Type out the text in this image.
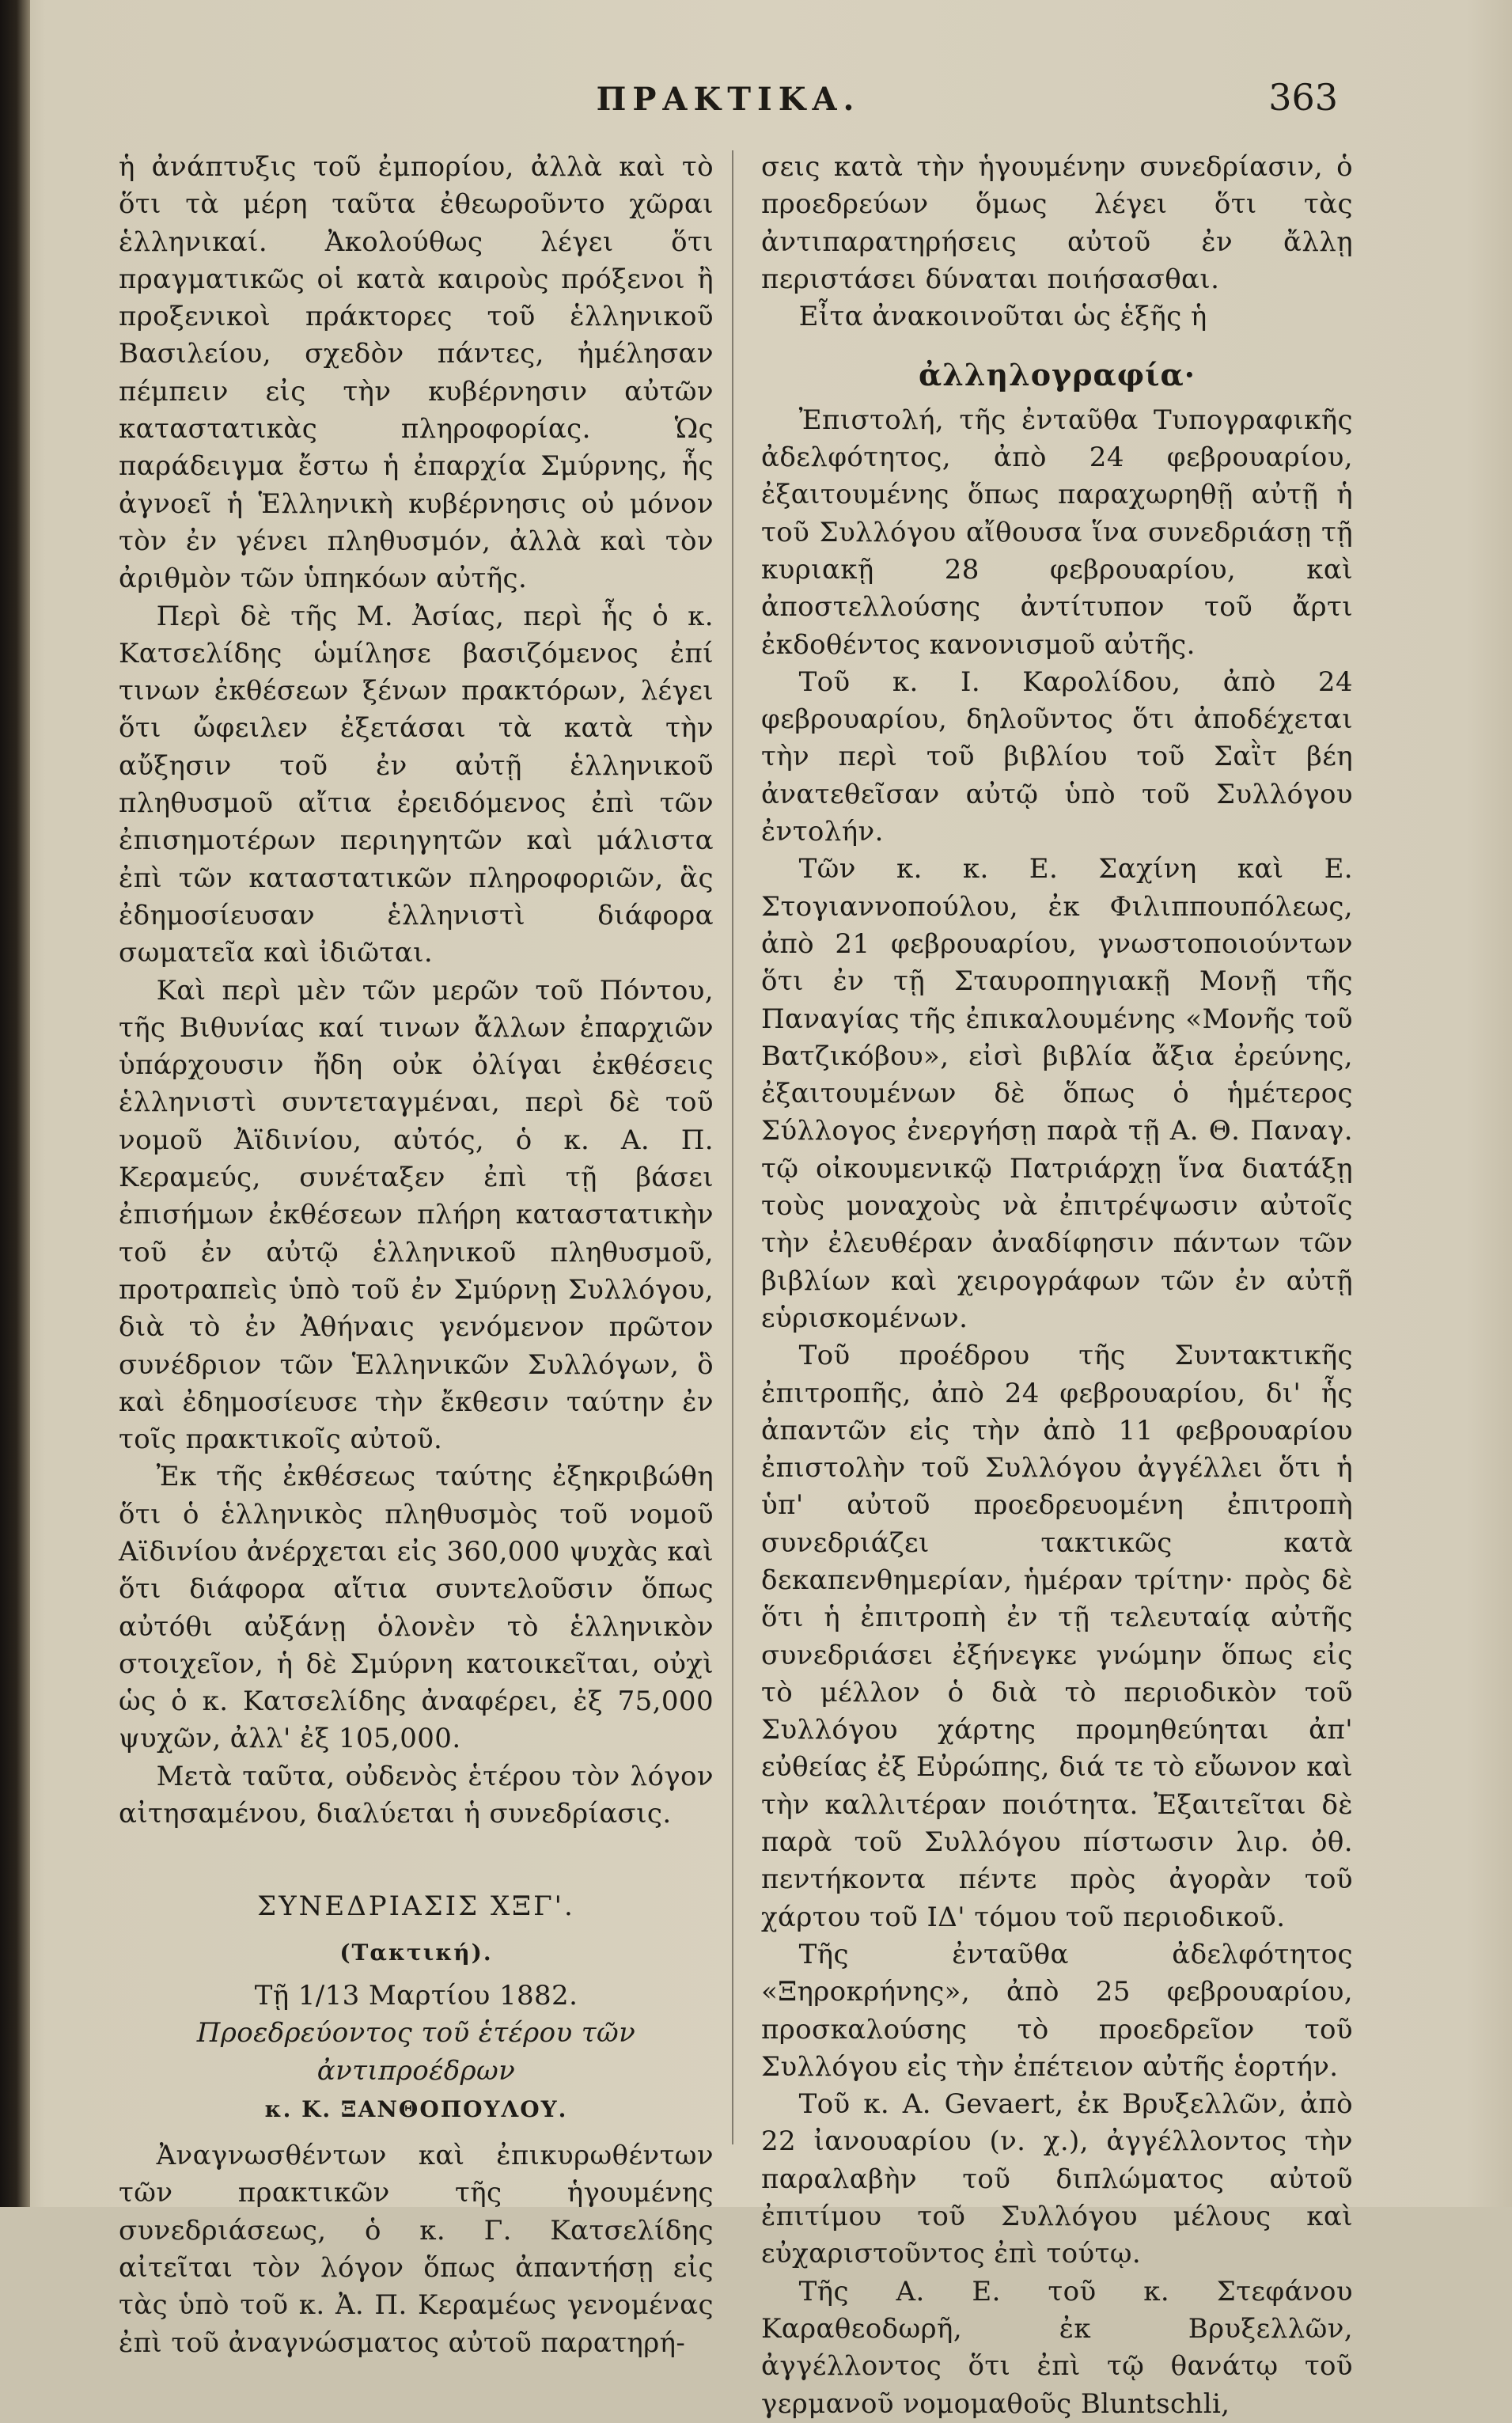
ΠΡΑΚΤΙΚΑ.	363

ἡ ἀνάπτυξις τοῦ ἐμπορίου, ἀλλὰ καὶ τὸ ὅτι τὰ μέρη ταῦτα ἐθεωροῦντο χῶραι ἑλληνικαί. Ἀκολούθως λέγει ὅτι πραγματικῶς οἱ κατὰ καιροὺς πρόξενοι ἢ προξενικοὶ πράκτορες τοῦ ἑλληνικοῦ Βασιλείου, σχεδὸν πάντες, ἠμέλησαν πέμπειν εἰς τὴν κυβέρνησιν αὐτῶν καταστατικὰς πληροφορίας. Ὡς παράδειγμα ἔστω ἡ ἐπαρχία Σμύρνης, ἧς ἀγνοεῖ ἡ Ἑλληνικὴ κυβέρνησις οὐ μόνον τὸν ἐν γένει πληθυσμόν, ἀλλὰ καὶ τὸν ἀριθμὸν τῶν ὑπηκόων αὐτῆς.

Περὶ δὲ τῆς Μ. Ἀσίας, περὶ ἧς ὁ κ. Κατσελίδης ὡμίλησε βασιζόμενος ἐπί τινων ἐκθέσεων ξένων πρακτόρων, λέγει ὅτι ὤφειλεν ἐξετάσαι τὰ κατὰ τὴν αὔξησιν τοῦ ἐν αὐτῇ ἑλληνικοῦ πληθυσμοῦ αἴτια ἐρειδόμενος ἐπὶ τῶν ἐπισημοτέρων περιηγητῶν καὶ μάλιστα ἐπὶ τῶν καταστατικῶν πληροφοριῶν, ἃς ἐδημοσίευσαν ἑλληνιστὶ διάφορα σωματεῖα καὶ ἰδιῶται.

Καὶ περὶ μὲν τῶν μερῶν τοῦ Πόντου, τῆς Βιθυνίας καί τινων ἄλλων ἐπαρχιῶν ὑπάρχουσιν ἤδη οὐκ ὀλίγαι ἐκθέσεις ἑλληνιστὶ συντεταγμέναι, περὶ δὲ τοῦ νομοῦ Ἀϊδινίου, αὐτός, ὁ κ. Α. Π. Κεραμεύς, συνέταξεν ἐπὶ τῇ βάσει ἐπισήμων ἐκθέσεων πλήρη καταστατικὴν τοῦ ἐν αὐτῷ ἑλληνικοῦ πληθυσμοῦ, προτραπεὶς ὑπὸ τοῦ ἐν Σμύρνῃ Συλλόγου, διὰ τὸ ἐν Ἀθήναις γενόμενον πρῶτον συνέδριον τῶν Ἑλληνικῶν Συλλόγων, ὃ καὶ ἐδημοσίευσε τὴν ἔκθεσιν ταύτην ἐν τοῖς πρακτικοῖς αὐτοῦ.

Ἐκ τῆς ἐκθέσεως ταύτης ἐξηκριβώθη ὅτι ὁ ἑλληνικὸς πληθυσμὸς τοῦ νομοῦ Αϊδινίου ἀνέρχεται εἰς 360,000 ψυχὰς καὶ ὅτι διάφορα αἴτια συντελοῦσιν ὅπως αὐτόθι αὐξάνῃ ὁλονὲν τὸ ἑλληνικὸν στοιχεῖον, ἡ δὲ Σμύρνη κατοικεῖται, οὐχὶ ὡς ὁ κ. Κατσελίδης ἀναφέρει, ἐξ 75,000 ψυχῶν, ἀλλ' ἐξ 105,000.

Μετὰ ταῦτα, οὐδενὸς ἑτέρου τὸν λόγον αἰτησαμένου, διαλύεται ἡ συνεδρίασις.

ΣΥΝΕΔΡΙΑΣΙΣ ΧΞΓ'.

(Τακτική).

Τῇ 1/13 Μαρτίου 1882.

Προεδρεύοντος τοῦ ἑτέρου τῶν ἀντιπροέδρων

κ. Κ. ΞΑΝΘΟΠΟΥΛΟΥ.

Ἀναγνωσθέντων καὶ ἐπικυρωθέντων τῶν πρακτικῶν τῆς ἡγουμένης συνεδριάσεως, ὁ κ. Γ. Κατσελίδης αἰτεῖται τὸν λόγον ὅπως ἀπαντήσῃ εἰς τὰς ὑπὸ τοῦ κ. Ἀ. Π. Κεραμέως γενομένας ἐπὶ τοῦ ἀναγνώσματος αὐτοῦ παρατηρή-

σεις κατὰ τὴν ἡγουμένην συνεδρίασιν, ὁ προεδρεύων ὅμως λέγει ὅτι τὰς ἀντιπαρατηρήσεις αὐτοῦ ἐν ἄλλῃ περιστάσει δύναται ποιήσασθαι.

Εἶτα ἀνακοινοῦται ὡς ἑξῆς ἡ

ἀλληλογραφία·

Ἐπιστολή, τῆς ἐνταῦθα Τυπογραφικῆς ἀδελφότητος, ἀπὸ 24 φεβρουαρίου, ἐξαιτουμένης ὅπως παραχωρηθῇ αὐτῇ ἡ τοῦ Συλλόγου αἴθουσα ἵνα συνεδριάσῃ τῇ κυριακῇ 28 φεβρουαρίου, καὶ ἀποστελλούσης ἀντίτυπον τοῦ ἄρτι ἐκδοθέντος κανονισμοῦ αὐτῆς.

Τοῦ κ. Ι. Καρολίδου, ἀπὸ 24 φεβρουαρίου, δηλοῦντος ὅτι ἀποδέχεται τὴν περὶ τοῦ βιβλίου τοῦ Σαῒτ βέη ἀνατεθεῖσαν αὐτῷ ὑπὸ τοῦ Συλλόγου ἐντολήν.

Τῶν κ. κ. Ε. Σαχίνη καὶ Ε. Στογιαννοπούλου, ἐκ Φιλιππουπόλεως, ἀπὸ 21 φεβρουαρίου, γνωστοποιούντων ὅτι ἐν τῇ Σταυροπηγιακῇ Μονῇ τῆς Παναγίας τῆς ἐπικαλουμένης «Μονῆς τοῦ Βατζικόβου», εἰσὶ βιβλία ἄξια ἐρεύνης, ἐξαιτουμένων δὲ ὅπως ὁ ἡμέτερος Σύλλογος ἐνεργήσῃ παρὰ τῇ Α. Θ. Παναγ. τῷ οἰκουμενικῷ Πατριάρχῃ ἵνα διατάξῃ τοὺς μοναχοὺς νὰ ἐπιτρέψωσιν αὐτοῖς τὴν ἐλευθέραν ἀναδίφησιν πάντων τῶν βιβλίων καὶ χειρογράφων τῶν ἐν αὐτῇ εὑρισκομένων.

Τοῦ προέδρου τῆς Συντακτικῆς ἐπιτροπῆς, ἀπὸ 24 φεβρουαρίου, δι' ἧς ἀπαντῶν εἰς τὴν ἀπὸ 11 φεβρουαρίου ἐπιστολὴν τοῦ Συλλόγου ἀγγέλλει ὅτι ἡ ὑπ' αὐτοῦ προεδρευομένη ἐπιτροπὴ συνεδριάζει τακτικῶς κατὰ δεκαπενθημερίαν, ἡμέραν τρίτην· πρὸς δὲ ὅτι ἡ ἐπιτροπὴ ἐν τῇ τελευταίᾳ αὐτῆς συνεδριάσει ἐξήνεγκε γνώμην ὅπως εἰς τὸ μέλλον ὁ διὰ τὸ περιοδικὸν τοῦ Συλλόγου χάρτης προμηθεύηται ἀπ' εὐθείας ἐξ Εὐρώπης, διά τε τὸ εὔωνον καὶ τὴν καλλιτέραν ποιότητα. Ἐξαιτεῖται δὲ παρὰ τοῦ Συλλόγου πίστωσιν λιρ. ὀθ. πεντήκοντα πέντε πρὸς ἀγορὰν τοῦ χάρτου τοῦ ΙΔ' τόμου τοῦ περιοδικοῦ.

Τῆς ἐνταῦθα ἀδελφότητος «Ξηροκρήνης», ἀπὸ 25 φεβρουαρίου, προσκαλούσης τὸ προεδρεῖον τοῦ Συλλόγου εἰς τὴν ἐπέτειον αὐτῆς ἑορτήν.

Τοῦ κ. Α. Gevaert, ἐκ Βρυξελλῶν, ἀπὸ 22 ἰανουαρίου (ν. χ.), ἀγγέλλοντος τὴν παραλαβὴν τοῦ διπλώματος αὐτοῦ ἐπιτίμου τοῦ Συλλόγου μέλους καὶ εὐχαριστοῦντος ἐπὶ τούτῳ.

Τῆς Α. Ε. τοῦ κ. Στεφάνου Καραθεοδωρῆ, ἐκ Βρυξελλῶν, ἀγγέλλοντος ὅτι ἐπὶ τῷ θανάτῳ τοῦ γερμανοῦ νομομαθοῦς Bluntschli,
